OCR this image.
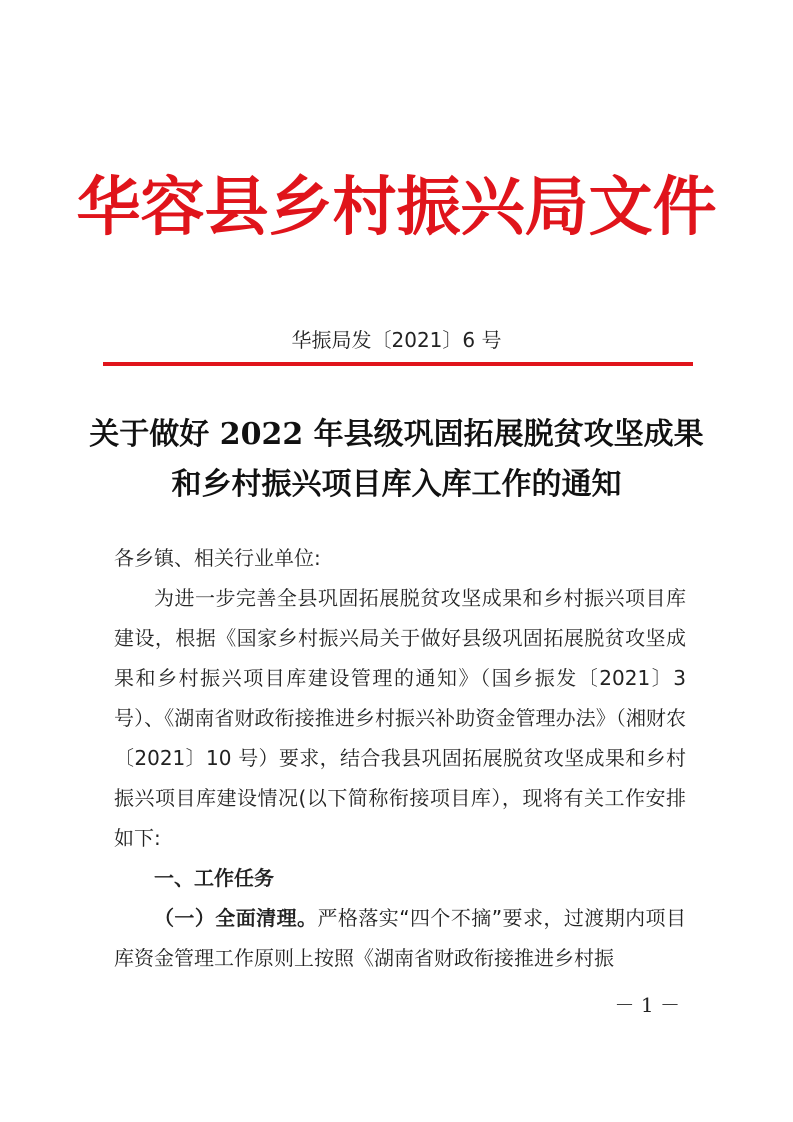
华容县乡村振兴局文件
华振局发〔2021〕6 号
关于做好 2022 年县级巩固拓展脱贫攻坚成果
和乡村振兴项目库入库工作的通知

各乡镇、相关行业单位:

为进一步完善全县巩固拓展脱贫攻坚成果和乡村振兴项目库建设，根据《国家乡村振兴局关于做好县级巩固拓展脱贫攻坚成果和乡村振兴项目库建设管理的通知》（国乡振发〔2021〕3号）、《湖南省财政衔接推进乡村振兴补助资金管理办法》（湘财农〔2021〕10 号）要求，结合我县巩固拓展脱贫攻坚成果和乡村振兴项目库建设情况(以下简称衔接项目库），现将有关工作安排如下:

一、工作任务

（一）全面清理。严格落实“四个不摘”要求，过渡期内项目库资金管理工作原则上按照《湖南省财政衔接推进乡村振

－ 1 －
